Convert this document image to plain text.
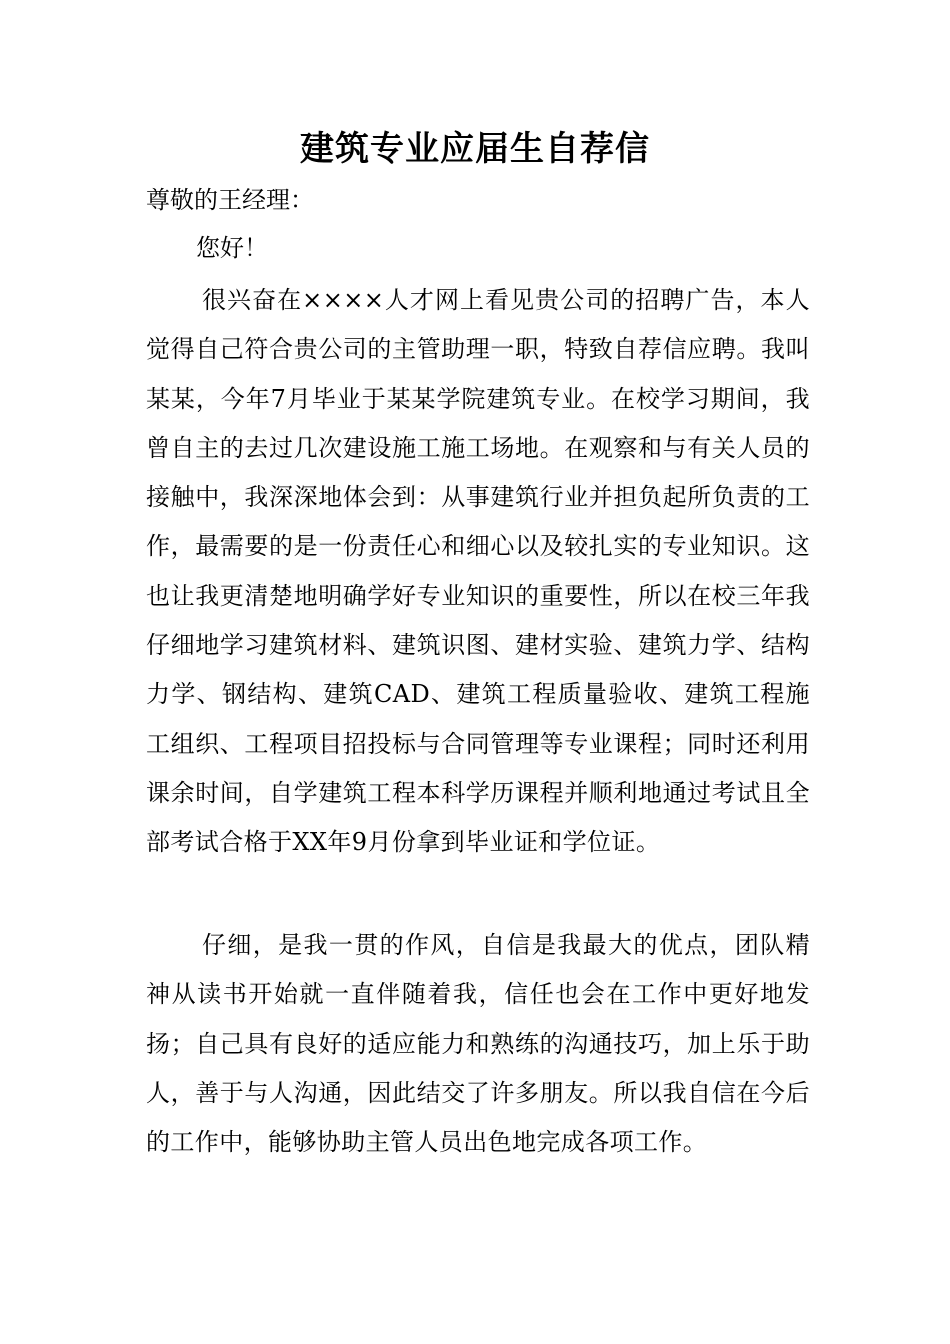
建筑专业应届生自荐信
尊敬的王经理：
您好！

很兴奋在××××人才网上看见贵公司的招聘广告，本人觉得自己符合贵公司的主管助理一职，特致自荐信应聘。我叫某某，今年7月毕业于某某学院建筑专业。在校学习期间，我曾自主的去过几次建设施工施工场地。在观察和与有关人员的接触中，我深深地体会到：从事建筑行业并担负起所负责的工作，最需要的是一份责任心和细心以及较扎实的专业知识。这也让我更清楚地明确学好专业知识的重要性，所以在校三年我仔细地学习建筑材料、建筑识图、建材实验、建筑力学、结构力学、钢结构、建筑CAD、建筑工程质量验收、建筑工程施工组织、工程项目招投标与合同管理等专业课程；同时还利用课余时间，自学建筑工程本科学历课程并顺利地通过考试且全部考试合格于XX年9月份拿到毕业证和学位证。

仔细，是我一贯的作风，自信是我最大的优点，团队精神从读书开始就一直伴随着我，信任也会在工作中更好地发扬；自己具有良好的适应能力和熟练的沟通技巧，加上乐于助人，善于与人沟通，因此结交了许多朋友。所以我自信在今后的工作中，能够协助主管人员出色地完成各项工作。
